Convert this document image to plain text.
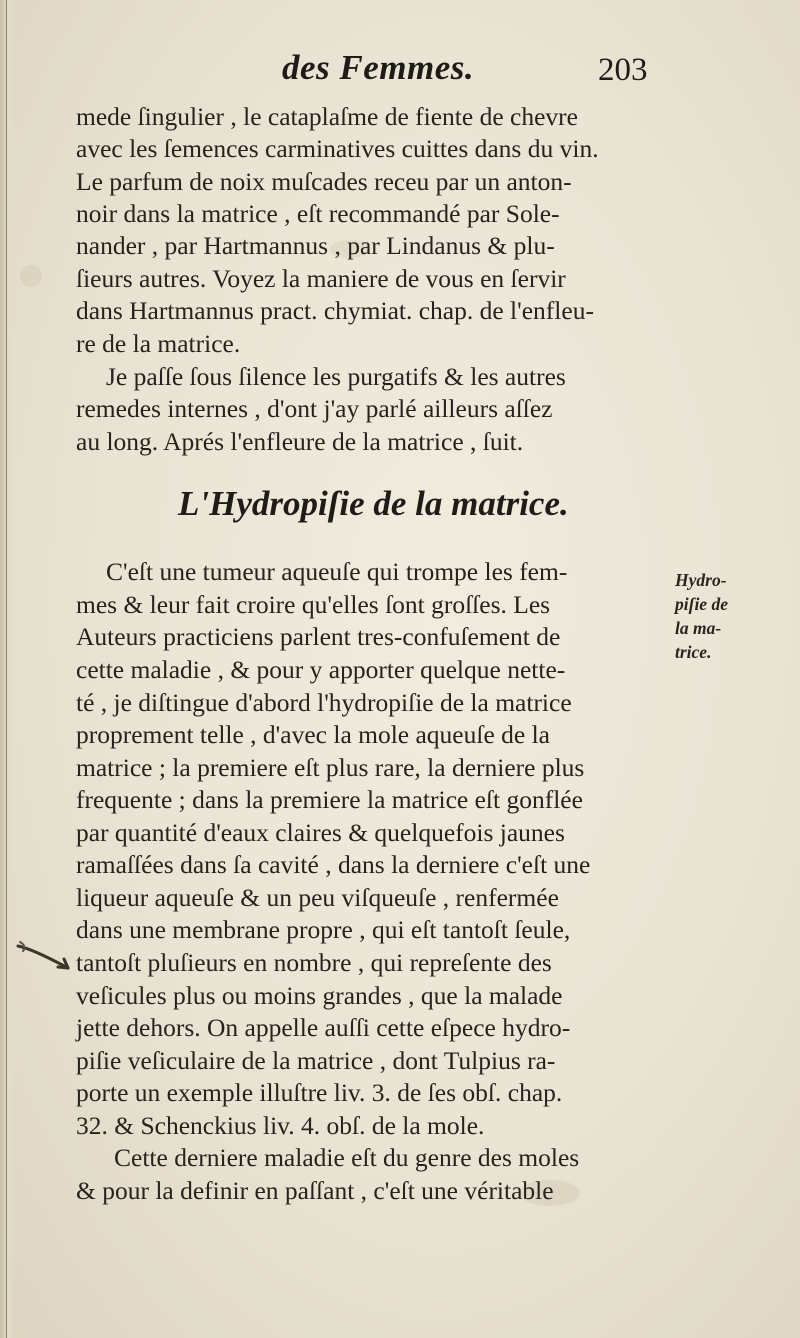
des Femmes.	203
mede ſingulier , le cataplaſme de fiente de chevre
avec les ſemences carminatives cuittes dans du vin.
Le parfum de noix muſcades receu par un anton-
noir dans la matrice , eſt recommandé par Sole-
nander , par Hartmannus , par Lindanus & plu-
ſieurs autres. Voyez la maniere de vous en ſervir
dans Hartmannus pract. chymiat. chap. de l'enfleu-
re de la matrice.
Je paſſe ſous ſilence les purgatifs & les autres
remedes internes , d'ont j'ay parlé ailleurs aſſez
au long. Aprés l'enfleure de la matrice , ſuit.
L'Hydropiſie de la matrice.
Hydro-
piſie de
la ma-
trice.
C'eſt une tumeur aqueuſe qui trompe les fem-
mes & leur fait croire qu'elles ſont groſſes. Les
Auteurs practiciens parlent tres-confuſement de
cette maladie , & pour y apporter quelque nette-
té , je diſtingue d'abord l'hydropiſie de la matrice
proprement telle , d'avec la mole aqueuſe de la
matrice ; la premiere eſt plus rare, la derniere plus
frequente ; dans la premiere la matrice eſt gonflée
par quantité d'eaux claires & quelquefois jaunes
ramaſſées dans ſa cavité , dans la derniere c'eſt une
liqueur aqueuſe & un peu viſqueuſe , renfermée
dans une membrane propre , qui eſt tantoſt ſeule,
tantoſt pluſieurs en nombre , qui repreſente des
veſicules plus ou moins grandes , que la malade
jette dehors. On appelle auſſi cette eſpece hydro-
piſie veſiculaire de la matrice , dont Tulpius ra-
porte un exemple illuſtre liv. 3. de ſes obſ. chap.
32. & Schenckius liv. 4. obſ. de la mole.
Cette derniere maladie eſt du genre des moles
& pour la definir en paſſant , c'eſt une véritable
